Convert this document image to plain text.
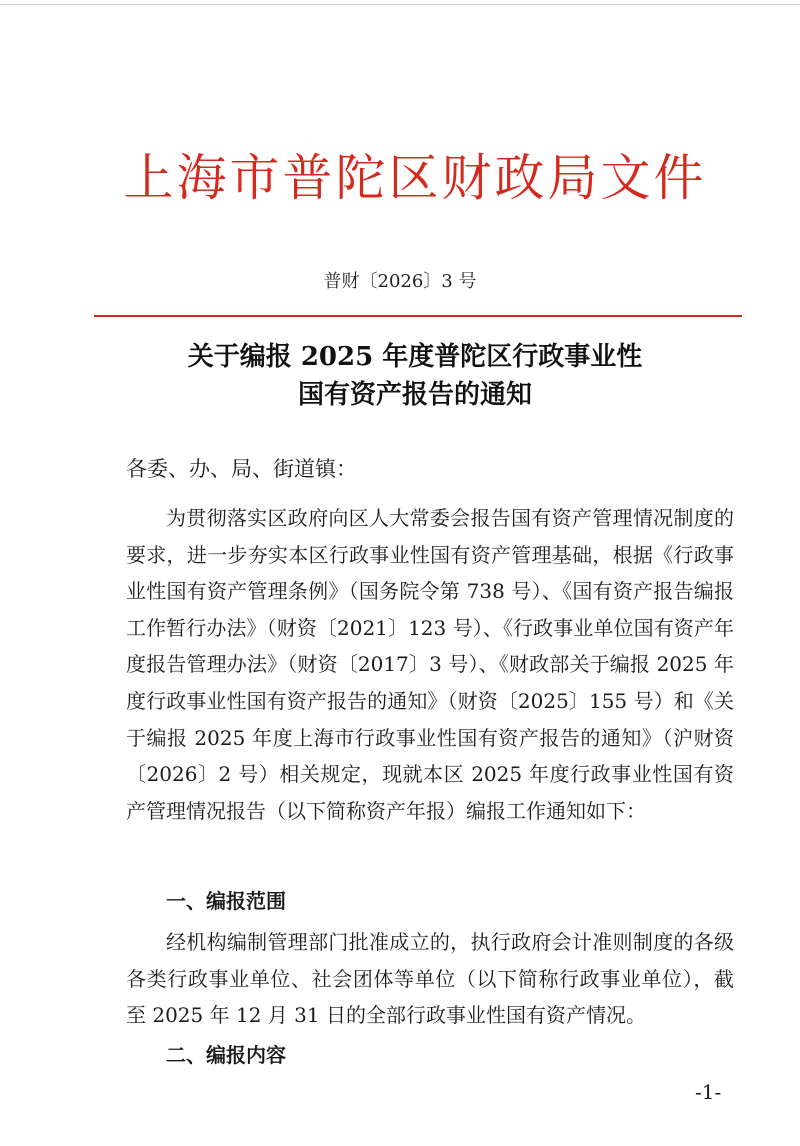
上海市普陀区财政局文件
普财〔2026〕3 号
关于编报 2025 年度普陀区行政事业性
国有资产报告的通知
各委、办、局、街道镇：
为贯彻落实区政府向区人大常委会报告国有资产管理情况制度的要求，进一步夯实本区行政事业性国有资产管理基础，根据《行政事业性国有资产管理条例》（国务院令第 738 号）、《国有资产报告编报工作暂行办法》（财资〔2021〕123 号）、《行政事业单位国有资产年度报告管理办法》（财资〔2017〕3 号）、《财政部关于编报 2025 年度行政事业性国有资产报告的通知》（财资〔2025〕155 号）和《关于编报 2025 年度上海市行政事业性国有资产报告的通知》（沪财资〔2026〕2 号）相关规定，现就本区 2025 年度行政事业性国有资产管理情况报告（以下简称资产年报）编报工作通知如下：
一、编报范围
经机构编制管理部门批准成立的，执行政府会计准则制度的各级各类行政事业单位、社会团体等单位（以下简称行政事业单位），截至 2025 年 12 月 31 日的全部行政事业性国有资产情况。
二、编报内容
-1-
